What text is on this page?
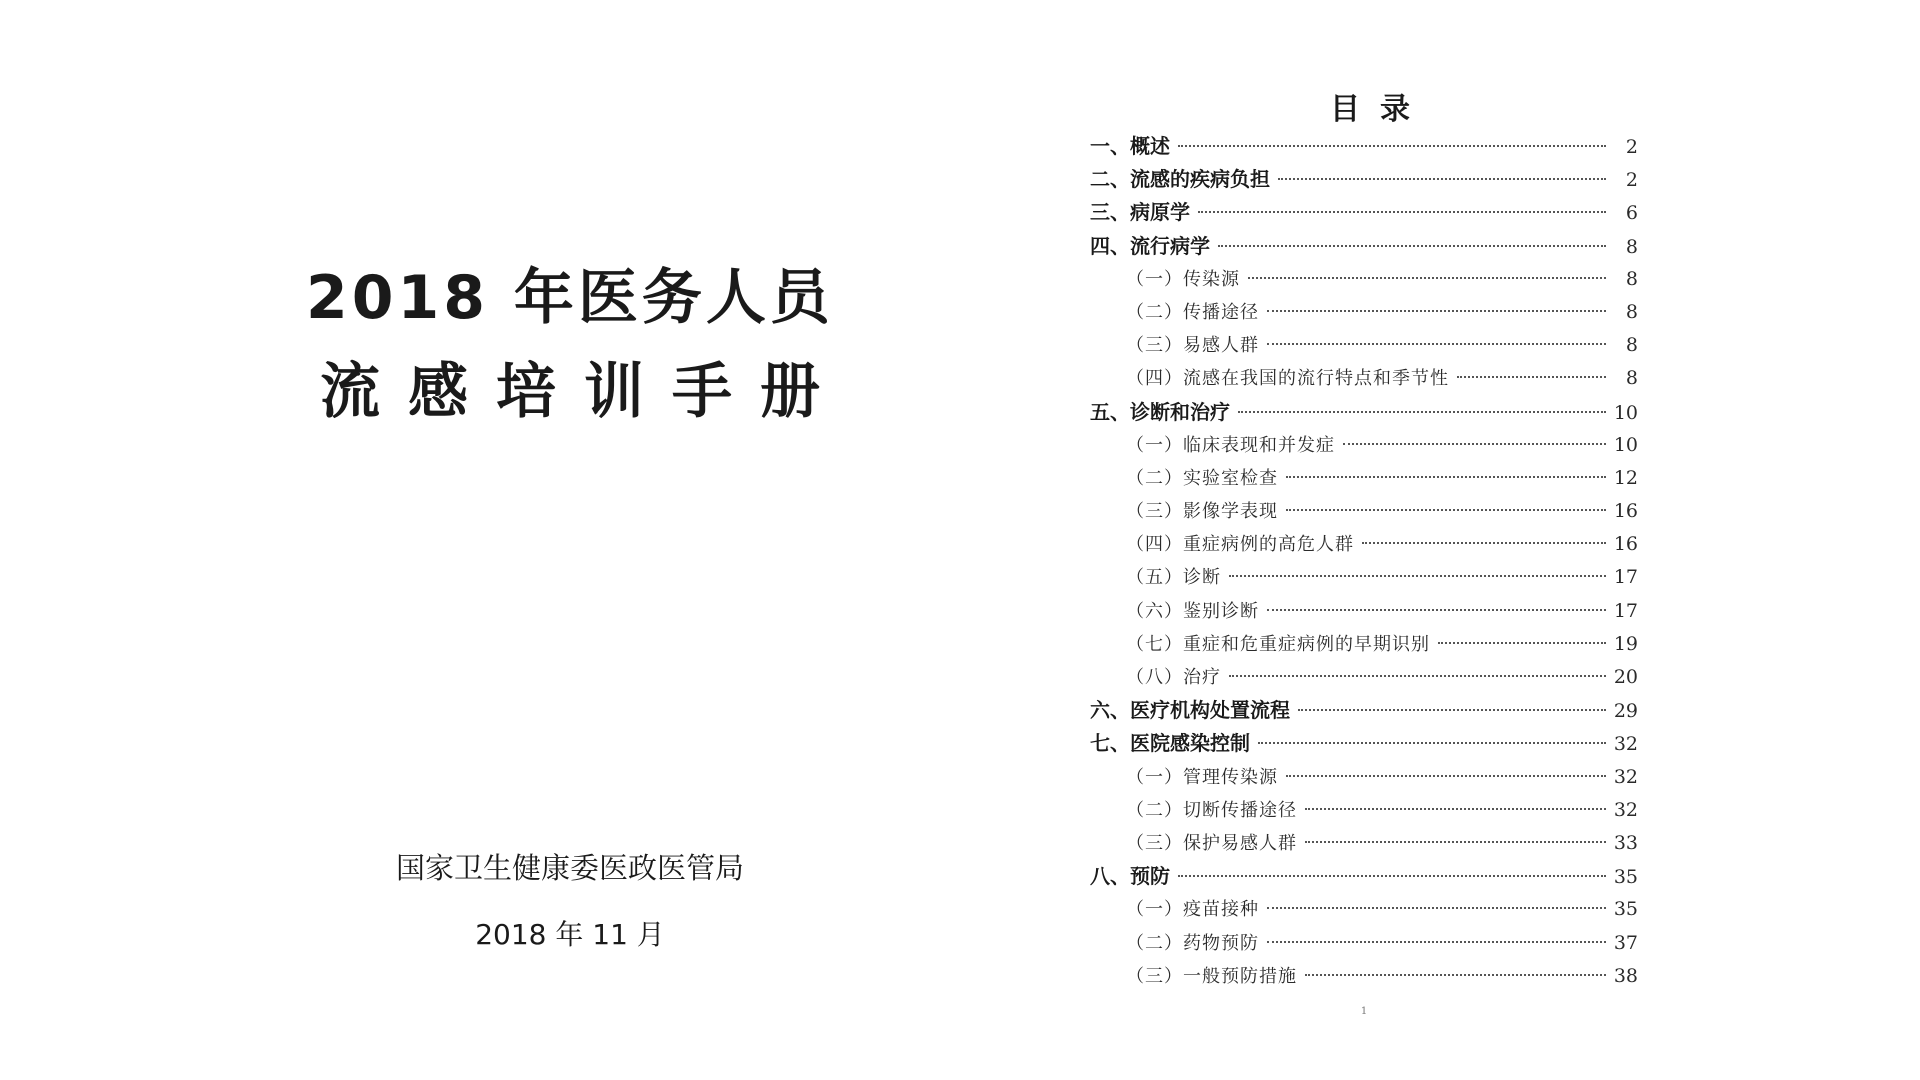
2018 年医务人员
流感培训手册
国家卫生健康委医政医管局
2018 年 11 月
目录
一、概述	2
二、流感的疾病负担	2
三、病原学	6
四、流行病学	8
（一）传染源	8
（二）传播途径	8
（三）易感人群	8
（四）流感在我国的流行特点和季节性	8
五、诊断和治疗	10
（一）临床表现和并发症	10
（二）实验室检查	12
（三）影像学表现	16
（四）重症病例的高危人群	16
（五）诊断	17
（六）鉴别诊断	17
（七）重症和危重症病例的早期识别	19
（八）治疗	20
六、医疗机构处置流程	29
七、医院感染控制	32
（一）管理传染源	32
（二）切断传播途径	32
（三）保护易感人群	33
八、预防	35
（一）疫苗接种	35
（二）药物预防	37
（三）一般预防措施	38
1
